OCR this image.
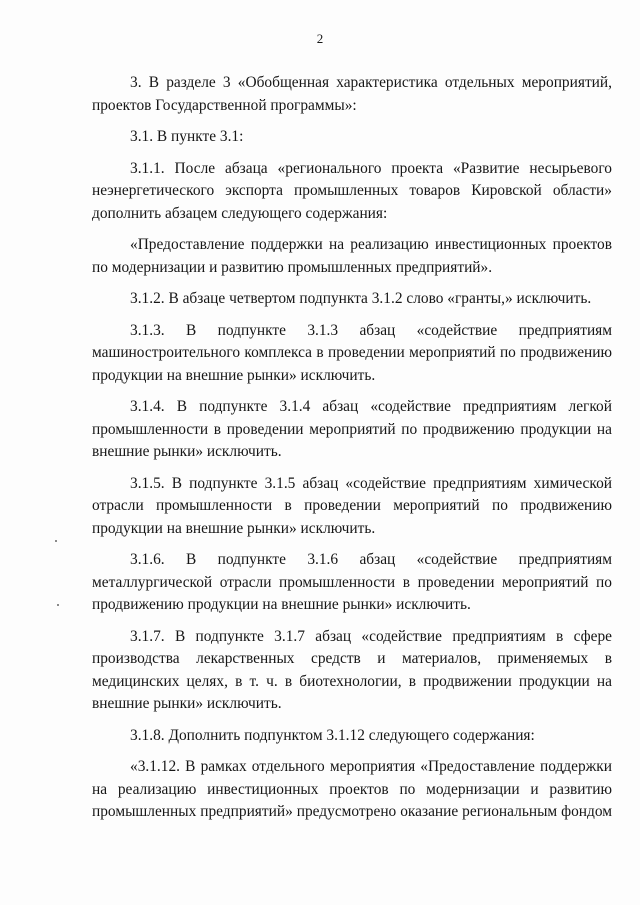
2

3. В разделе 3 «Обобщенная характеристика отдельных мероприятий, проектов Государственной программы»:

3.1. В пункте 3.1:

3.1.1. После абзаца «регионального проекта «Развитие несырьевого неэнергетического экспорта промышленных товаров Кировской области» дополнить абзацем следующего содержания:

«Предоставление поддержки на реализацию инвестиционных проектов по модернизации и развитию промышленных предприятий».

3.1.2. В абзаце четвертом подпункта 3.1.2 слово «гранты,» исключить.

3.1.3. В подпункте 3.1.3 абзац «содействие предприятиям машиностроительного комплекса в проведении мероприятий по продвижению продукции на внешние рынки» исключить.

3.1.4. В подпункте 3.1.4 абзац «содействие предприятиям легкой промышленности в проведении мероприятий по продвижению продукции на внешние рынки» исключить.

3.1.5. В подпункте 3.1.5 абзац «содействие предприятиям химической отрасли промышленности в проведении мероприятий по продвижению продукции на внешние рынки» исключить.

3.1.6. В подпункте 3.1.6 абзац «содействие предприятиям металлургической отрасли промышленности в проведении мероприятий по продвижению продукции на внешние рынки» исключить.

3.1.7. В подпункте 3.1.7 абзац «содействие предприятиям в сфере производства лекарственных средств и материалов, применяемых в медицинских целях, в т. ч. в биотехнологии, в продвижении продукции на внешние рынки» исключить.

3.1.8. Дополнить подпунктом 3.1.12 следующего содержания:

«3.1.12. В рамках отдельного мероприятия «Предоставление поддержки на реализацию инвестиционных проектов по модернизации и развитию промышленных предприятий» предусмотрено оказание региональным фондом
